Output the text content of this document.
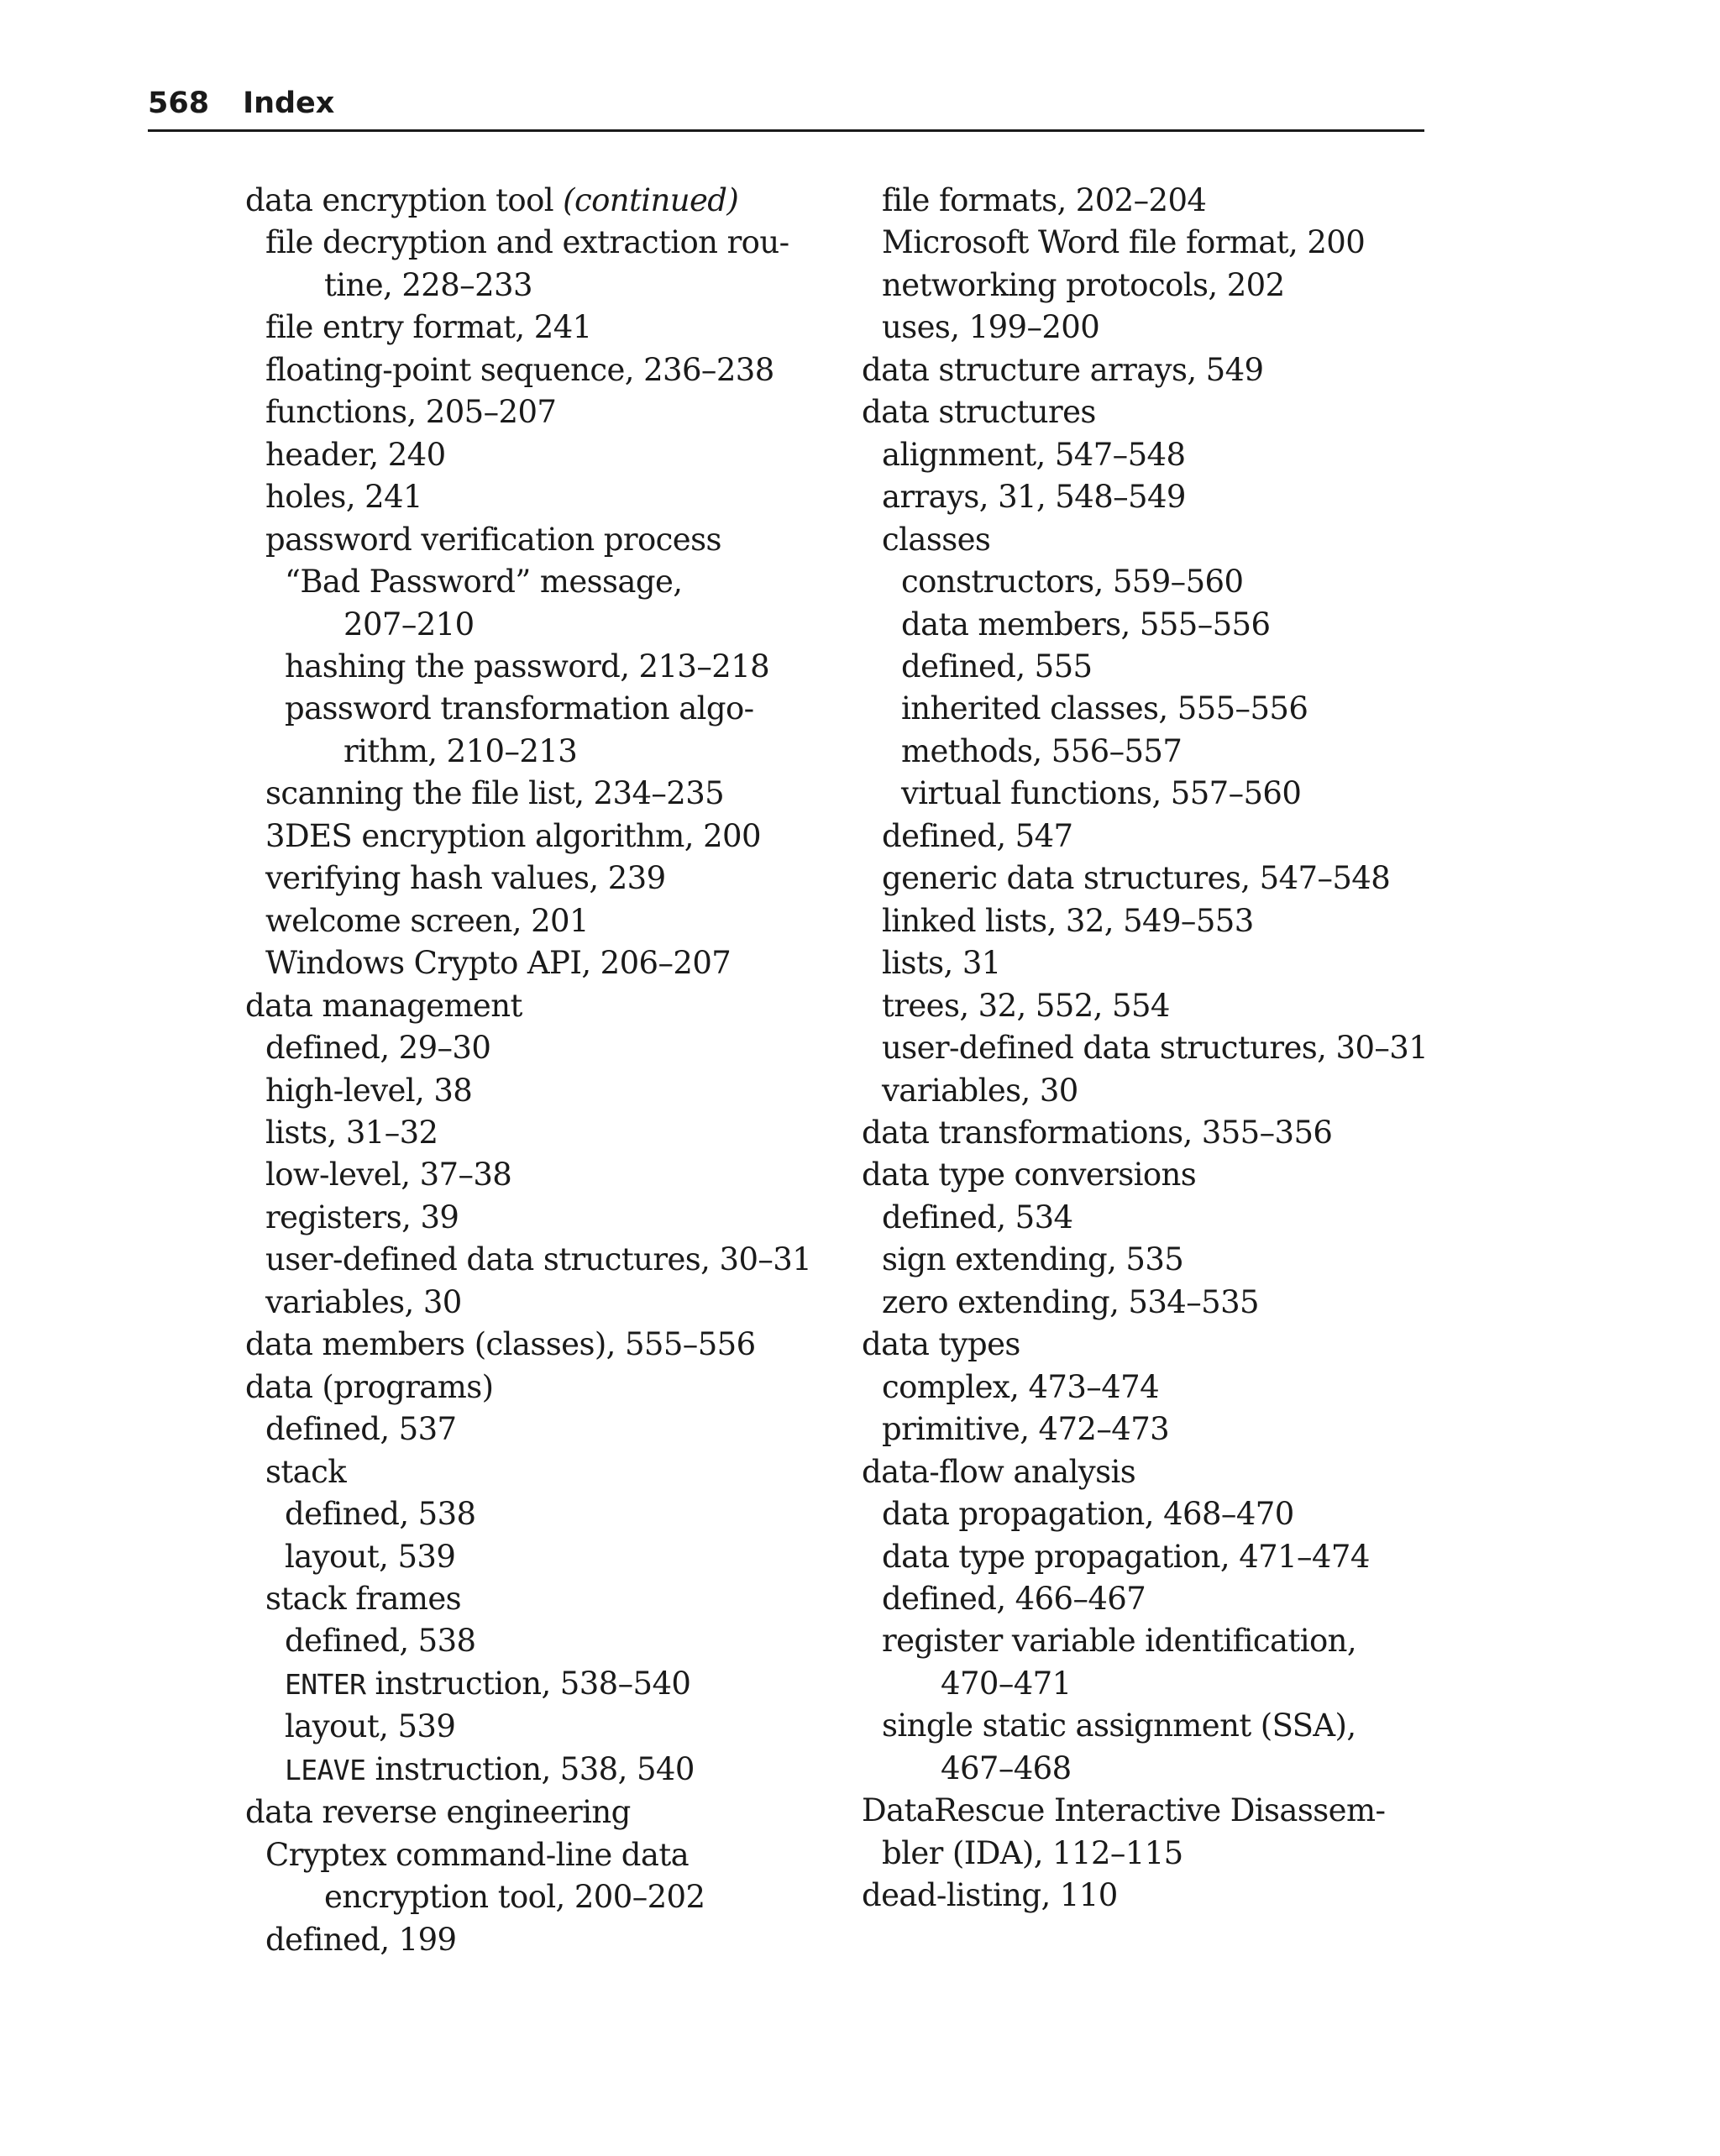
568 Index
data encryption tool (continued)
file decryption and extraction rou-
tine, 228–233
file entry format, 241
floating-point sequence, 236–238
functions, 205–207
header, 240
holes, 241
password verification process
“Bad Password” message,
207–210
hashing the password, 213–218
password transformation algo-
rithm, 210–213
scanning the file list, 234–235
3DES encryption algorithm, 200
verifying hash values, 239
welcome screen, 201
Windows Crypto API, 206–207
data management
defined, 29–30
high-level, 38
lists, 31–32
low-level, 37–38
registers, 39
user-defined data structures, 30–31
variables, 30
data members (classes), 555–556
data (programs)
defined, 537
stack
defined, 538
layout, 539
stack frames
defined, 538
ENTER instruction, 538–540
layout, 539
LEAVE instruction, 538, 540
data reverse engineering
Cryptex command-line data
encryption tool, 200–202
defined, 199
file formats, 202–204
Microsoft Word file format, 200
networking protocols, 202
uses, 199–200
data structure arrays, 549
data structures
alignment, 547–548
arrays, 31, 548–549
classes
constructors, 559–560
data members, 555–556
defined, 555
inherited classes, 555–556
methods, 556–557
virtual functions, 557–560
defined, 547
generic data structures, 547–548
linked lists, 32, 549–553
lists, 31
trees, 32, 552, 554
user-defined data structures, 30–31
variables, 30
data transformations, 355–356
data type conversions
defined, 534
sign extending, 535
zero extending, 534–535
data types
complex, 473–474
primitive, 472–473
data-flow analysis
data propagation, 468–470
data type propagation, 471–474
defined, 466–467
register variable identification,
470–471
single static assignment (SSA),
467–468
DataRescue Interactive Disassem-
bler (IDA), 112–115
dead-listing, 110
